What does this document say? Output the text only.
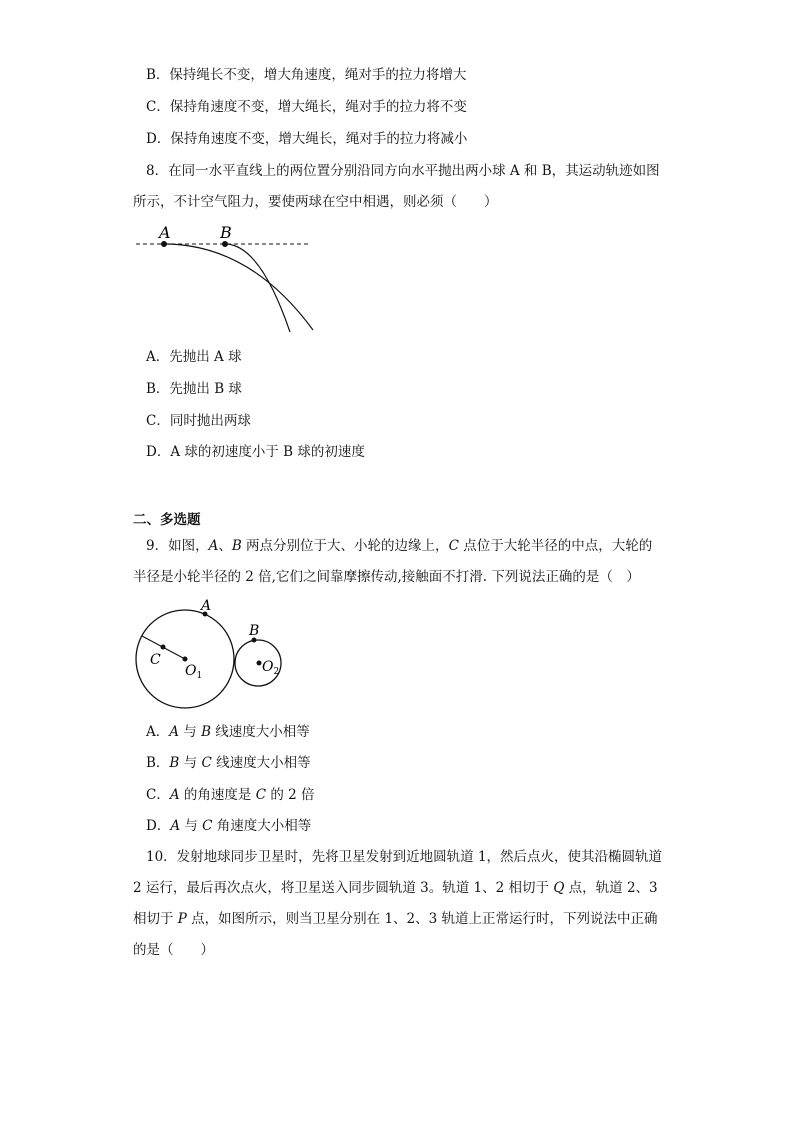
B．保持绳长不变，增大角速度，绳对手的拉力将增大
C．保持角速度不变，增大绳长，绳对手的拉力将不变
D．保持角速度不变，增大绳长，绳对手的拉力将减小
8．在同一水平直线上的两位置分别沿同方向水平抛出两小球 A 和 B，其运动轨迹如图
所示，不计空气阻力，要使两球在空中相遇，则必须（　　）
A	B
A．先抛出 A 球
B．先抛出 B 球
C．同时抛出两球
D．A 球的初速度小于 B 球的初速度
二、多选题
9．如图，A、B 两点分别位于大、小轮的边缘上，C 点位于大轮半径的中点，大轮的
半径是小轮半径的 2 倍,它们之间靠摩擦传动,接触面不打滑. 下列说法正确的是（　）
A
B
C
$O_1$
$O_2$
A．A 与 B 线速度大小相等
B．B 与 C 线速度大小相等
C．A 的角速度是 C 的 2 倍
D．A 与 C 角速度大小相等
10．发射地球同步卫星时，先将卫星发射到近地圆轨道 1，然后点火，使其沿椭圆轨道
2 运行，最后再次点火，将卫星送入同步圆轨道 3。轨道 1、2 相切于 Q 点，轨道 2、3
相切于 P 点，如图所示，则当卫星分别在 1、2、3 轨道上正常运行时，下列说法中正确
的是（　　）
